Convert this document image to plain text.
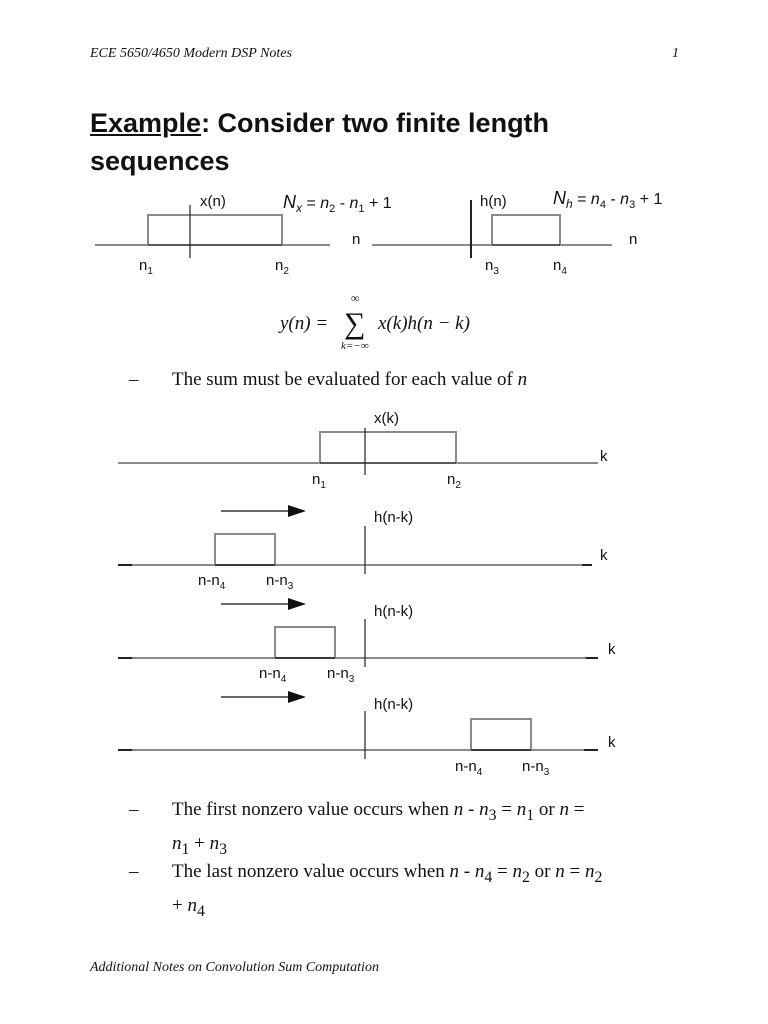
ECE 5650/4650 Modern DSP Notes	1
Example: Consider two finite length sequences
x(n)
n
$n_1$	$n_2$
$N_x = n_2 - n_1 + 1$	h(n)
n
$n_3$	$n_4$
$N_h = n_4 - n_3 + 1$
y(n) =
∞
∑
k=−∞
x(k)h(n − k)
x(k)
k
$n_1$	$n_2$
h(n-k)
k
$n-n_4$	$n-n_3$
h(n-k)
k
$n-n_4$	$n-n_3$
h(n-k)
k
$n-n_4$	$n-n_3$
– The sum must be evaluated for each value of n
– The first nonzero value occurs when $n - n_3 = n_1$ or n =
$n_1 + n_3$
– The last nonzero value occurs when $n - n_4 = n_2$ or $n = n_2$
+ $n_4$
Additional Notes on Convolution Sum Computation
